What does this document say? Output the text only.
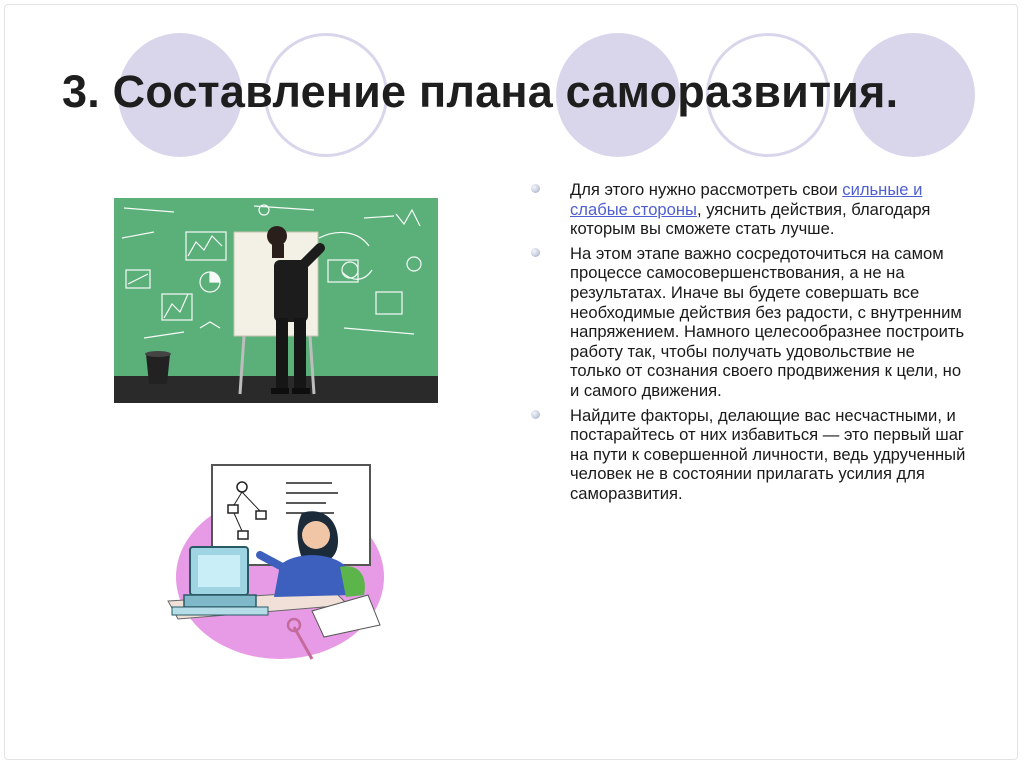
3. Составление плана саморазвития.
Для этого нужно рассмотреть свои сильные и слабые стороны, уяснить действия, благодаря которым вы сможете стать лучше.
На этом этапе важно сосредоточиться на самом процессе самосовершенствования, а не на результатах. Иначе вы будете совершать все необходимые действия без радости, с внутренним напряжением. Намного целесообразнее построить работу так, чтобы получать удовольствие не только от сознания своего продвижения к цели, но и самого движения.
Найдите факторы, делающие вас несчастными, и постарайтесь от них избавиться — это первый шаг на пути к совершенной личности, ведь удрученный человек не в состоянии прилагать усилия для саморазвития.
